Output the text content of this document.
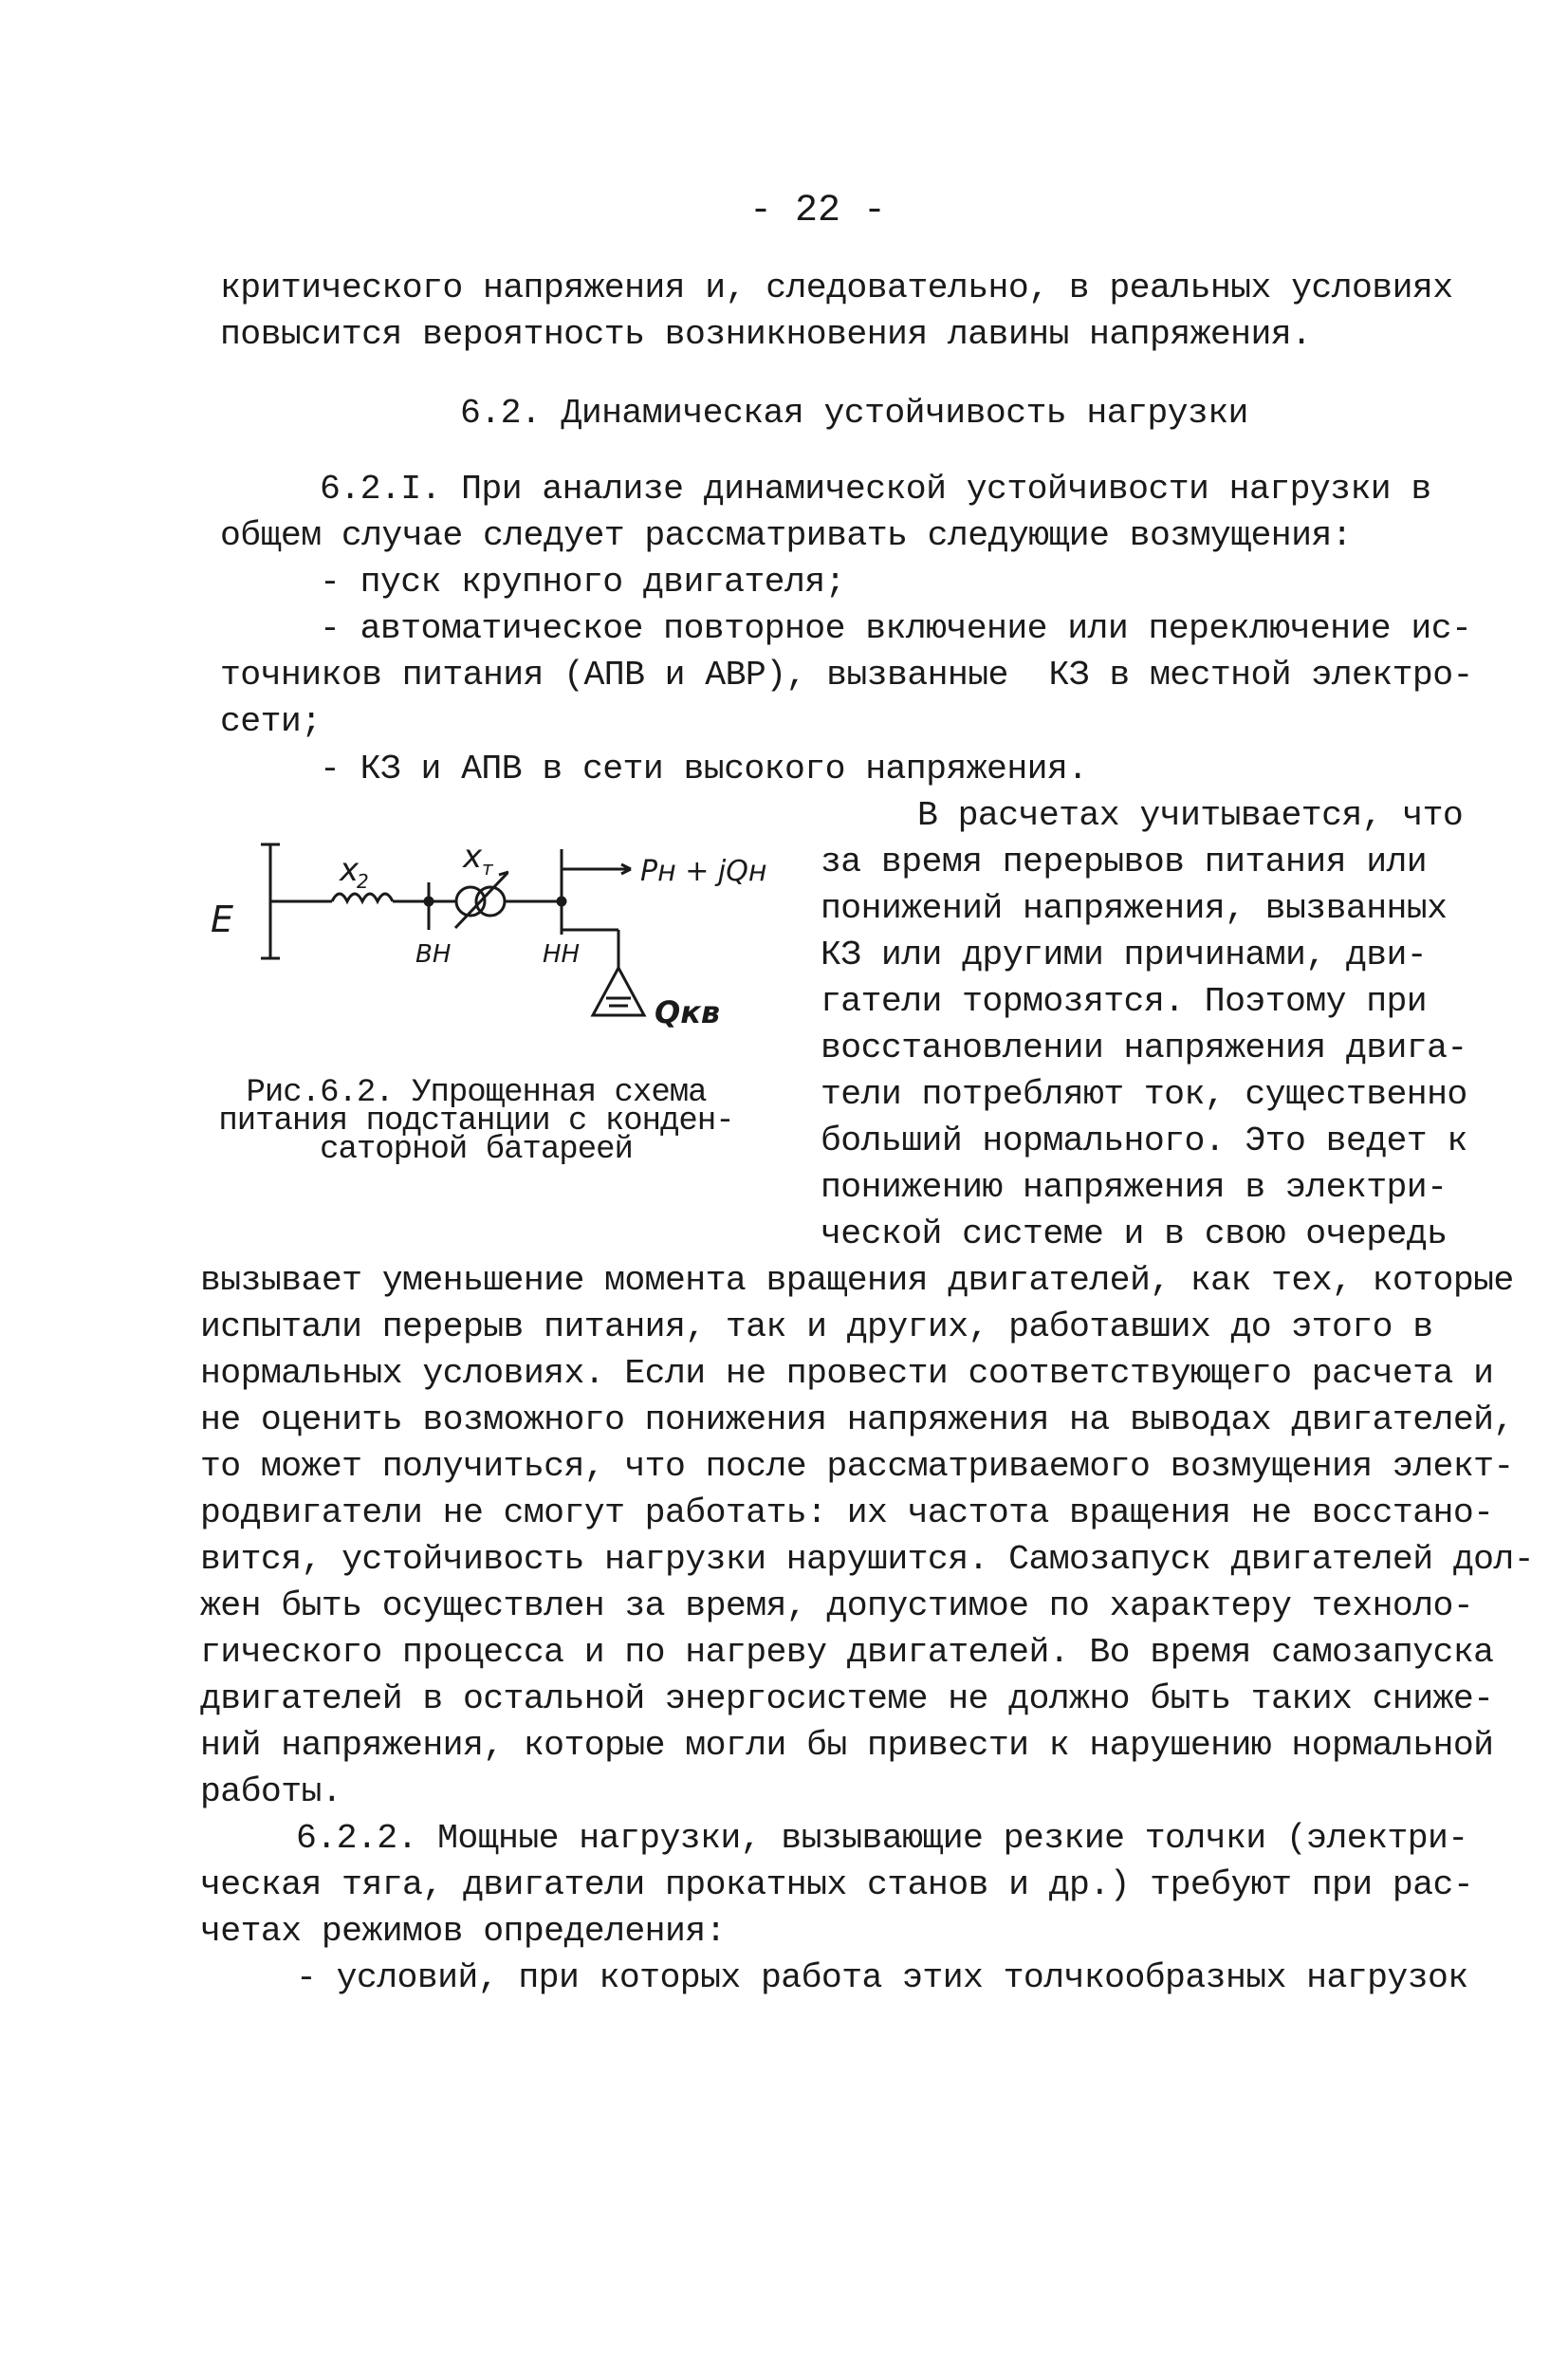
- 22 -
критического напряжения и, следовательно, в реальных условиях
повысится вероятность возникновения лавины напряжения.
6.2. Динамическая устойчивость нагрузки
6.2.I. При анализе динамической устойчивости нагрузки в
общем случае следует рассматривать следующие возмущения:
- пуск крупного двигателя;
- автоматическое повторное включение или переключение ис-
точников питания (АПВ и АВР), вызванные  КЗ в местной электро-
сети;
- КЗ и АПВ в сети высокого напряжения.
В расчетах учитывается, что
за время перерывов питания или
понижений напряжения, вызванных
КЗ или другими причинами, дви-
гатели тормозятся. Поэтому при
восстановлении напряжения двига-
тели потребляют ток, существенно
больший нормального. Это ведет к
понижению напряжения в электри-
ческой системе и в свою очередь
E
x
2
x т	Pн + jQн
ВН	НН
Qкв
Рис.6.2. Упрощенная схема
питания подстанции с конден-
саторной батареей
вызывает уменьшение момента вращения двигателей, как тех, которые
испытали перерыв питания, так и других, работавших до этого в
нормальных условиях. Если не провести соответствующего расчета и
не оценить возможного понижения напряжения на выводах двигателей,
то может получиться, что после рассматриваемого возмущения элект-
родвигатели не смогут работать: их частота вращения не восстано-
вится, устойчивость нагрузки нарушится. Самозапуск двигателей дол-
жен быть осуществлен за время, допустимое по характеру техноло-
гического процесса и по нагреву двигателей. Во время самозапуска
двигателей в остальной энергосистеме не должно быть таких сниже-
ний напряжения, которые могли бы привести к нарушению нормальной
работы.
6.2.2. Мощные нагрузки, вызывающие резкие толчки (электри-
ческая тяга, двигатели прокатных станов и др.) требуют при рас-
четах режимов определения:
- условий, при которых работа этих толчкообразных нагрузок
